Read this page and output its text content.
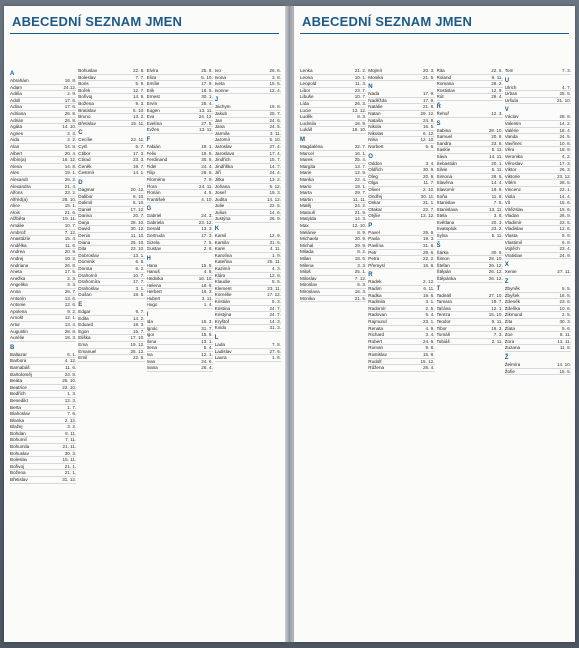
ABECEDNÍ SEZNAM JMEN
A
Abrahám	16. 8.
Adam	24.12.
Adéla	2. 9.
Adolf	17. 6.
Adina	17. 6.
Adriana	26. 8.
Adrián	26. 8.
Agáta	14. 10.
Agnes	2. 3.
Aida	2. 2.
Alan	14. 8.
Albert	20. 4.
Albín(a)	16. 12.
Alena	14. 8.
Ales	19. 1.
Alexandr	26. 2.
Alexandra	21. 4.
Alfons	23. 2.
Alfréd(a)	28. 10.
Alice	15. 1.
Alois	21. 6.
Alžběta	19. 11.
Amálie	10. 7.
Ambrož	7. 12.
Anastázie	15. 4.
Andělka	11. 6.
Andrea	20. 9.
Andrej	10. 2.
Andriana	26. 8.
Aneta	17. 5.
Anežka	2. 3.
Angelika	3. 3.
Anna	26. 7.
Antonín	13. 6.
Antonie	12. 6.
Apolena	9. 2.
Arnošt	12. 1.
Artur	13. 4.
Augustin	28. 8.
Aurélie	18. 3.
B
Baltazar	6. 1.
Barbora	4. 12.
Barnabáš	11. 6.
Bartoloměj	24. 8.
Beáta	25. 10.
Beatrice	22. 10.
Bedřich	1. 3.
Benedikt	12. 3.
Berta	1. 7.
Blahoslav	7. 6.
Blanka	2. 12.
Blažej	3. 2.
Bohdan	8. 11.
Bohumil	7. 11.
Bohumila	21. 11.
Bohuslav	30. 3.
Boleslav	15. 11.
Bořivoj	21. 1.
Božena	21. 1.
Břetislav	31. 12.
Bohuslav	22. 8.
Boleslav	7. 7.
Boris	5. 9.
Bořek	12. 7.
Bořivoj	14. 9.
Božena	9. 3.
Bratislav	5. 10.
Bruno	13. 2.
Břetislav	15. 11.
C
Cecílie	22. 11.
Cyril	5. 7.
Ctibor	17. 3.
Ctirad	23. 3.
Čeněk	19. 7.
Čestmír	14. 1.
D
Dagmar	20. 12.
Dalibor	8. 10.
Dalimil	5. 10.
Daniel	17. 12.
Darina	20. 7.
Darja	28. 10.
David	30. 12.
Denis	11. 10.
Diana	26. 10.
Dita	23. 10.
Dobroslav	13. 1.
Dominik	6. 8.
Dorota	6. 2.
Drahomír	10. 7.
Drahomíra	17. 7.
Drahoslav	3. 1.
Dušan	18. 5.
E
Edgar	9. 7.
Edita	14. 2.
Eduard	18. 3.
Egon	15. 7.
Eliška	17. 10.
Ema	19. 12.
Emanuel	25. 12.
Emil	22. 5.
Elvíra	25. 8.
Eliza	5. 10.
Emílie	17. 9.
Erik	18. 5.
Ernest	30. 1.
Ervín	25. 4.
Eugen	13. 11.
Eva	24. 12.
Evelína	27. 5.
Evžen	13. 11.
F
Fabián	19. 1.
Felix	18. 5.
Ferdinand	30. 5.
Fidel	24. 4.
Filip	26. 5.
Filoména	7. 9.
Flora	24. 11.
Florián	4. 5.
František	4. 10.
G
Gabriel	24. 3.
Gabriela	23. 12.
Gerald	13. 3.
Gertruda	17. 3.
Gizela	7. 5.
Gustav	2. 8.
H
Hana	15. 5.
Hanuš	4. 8.
Hedvika	16. 10.
Helena	18. 8.
Herbert	16. 3.
Hubert	3. 11.
Hugo	1. 4.
I
Ida	15. 3.
Ignác	31. 7.
Igor	15. 9.
Ilona	13. 1.
Irena	5. 4.
Iva	12. 1.
Ivan	24. 6.
Ivana	26. 4.
Ivo	26. 6.
Ivona	3. 8.
Iveta	15. 5.
Ivonne	12. 4.
J
Jáchym	16. 8.
Jakub	25. 7.
Jan	24. 6.
Jana	24. 5.
Jarmila	3. 11.
Jaromír	5. 10.
Jaroslav	27. 4.
Jaroslava	17. 4.
Jindřich	15. 7.
Jindřiška	14. 7.
Jiří	24. 4.
Jitka	13. 2.
Johana	5. 12.
Josef	19. 3.
Judita	14. 12.
Julie	22. 5.
Julius	14. 6.
Justýna	26. 9.
K
Kamil	12. 9.
Kamila	31. 5.
Karel	4. 11.
Karolína	1. 9.
Kateřina	25. 11.
Kazimír	4. 3.
Klára	12. 8.
Klaudie	5. 5.
Klement	23. 11.
Kornélie	17. 12.
Kristián	5. 3.
Kristina	24. 7.
Kristýna	24. 7.
Kryštof	14. 3.
Kvido	31. 3.
L
Lada	7. 8.
Ladislav	27. 6.
Laura	1. 6.
ABECEDNÍ SEZNAM JMEN
Lenka	21. 2.
Leona	10. 1.
Leopold	11. 3.
Libor	23. 7.
Libuše	10. 7.
Lída	26. 3.
Lucie	13. 12.
Luděk	8. 3.
Ludmila	16. 9.
Lukáš	18. 10.
M
Magdaléna	22. 7.
Marcel	16. 1.
Marek	25. 4.
Margita	13. 7.
Marie	12. 9.
Marika	22. 4.
Mario	19. 1.
Marta	29. 7.
Martin	11. 11.
Matěj	24. 2.
Matouš	21. 9.
Matylda	14. 3.
Max	12. 10.
Melánie	8. 9.
Michaela	20. 9.
Michal	29. 9.
Milada	8. 2.
Milan	18. 6.
Milena	3. 3.
Miloš	25. 1.
Miloslav	7. 12.
Miroslav	6. 3.
Miroslava	16. 3.
Monika	21. 5.
Mojmír	20. 3.
Monika	21. 5.
N
Nada	17. 9.
Naděžda	17. 9.
Natálie	21. 8.
Natan	29. 12.
Nataša	24. 8.
Nikola	16. 5.
Nikolas	6. 12.
Nina	12. 10.
Norbert	6. 6.
O
Oddon	3. 4.
Oldřich	30. 9.
Oleg	20. 9.
Olga	11. 7.
Oliver	2. 10.
Ondřej	30. 11.
Oskar	31. 1.
Otakar	22. 7.
Otýlie	13. 12.
P
Pavel	29. 6.
Pavla	19. 3.
Pavlína	31. 8.
Petr	29. 6.
Petra	22. 2.
Přemysl	16. 8.
R
Radek	2. 12.
Radim	6. 11.
Radka	19. 6.
Radmila	3. 1.
Radomír	2. 5.
Radovan	5. 4.
Rajmund	23. 1.
Renata	4. 9.
Richard	3. 4.
Robert	24. 6.
Roman	9. 8.
Rostislav	15. 8.
Rudolf	15. 12.
Růžena	28. 4.
Rita	22. 5.
Roland	9. 11.
Romana	28. 2.
Rostislav	12. 9.
Rút	29. 4.
Ř
Řehoř	12. 3.
S
Sabina	28. 10.
Samuel	20. 8.
Sandra	23. 8.
Saskie	5. 11.
Sáva	14. 11.
Sebastián	20. 1.
Silvie	5. 11.
Simona	28. 6.
Slavěna	14. 4.
Slavomír	18. 8.
Soňa	11. 8.
Stanislav	7. 5.
Stanislava	13. 11.
Stela	3. 6.
Světlana	20. 3.
Svatopluk	23. 2.
Sylva	5. 11.
Š
Šárka	30. 6.
Šimon	28. 10.
Štefan	26. 12.
Štěpán	26. 12.
Štěpánka	26. 12.
T
Tadeáš	27. 10.
Tamara	18. 7.
Taťána	12. 1.
Tereza	15. 10.
Teodor	9. 11.
Tibor	16. 3.
Tomáš	7. 3.
Tobiáš	2. 11.
Tom	7. 3.
U
Ulrich	4. 7.
Urban	25. 5.
Uršula	21. 10.
V
Václav	28. 9.
Valentin	14. 2.
Valérie	18. 4.
Vanda	24. 5.
Vavřinec	10. 8.
Věra	18. 9.
Veronika	4. 2.
Věroslav	17. 3.
Viktor	26. 3.
Viktorie	23. 12.
Vilém	28. 5.
Vincenc	22. 1.
Viola	14. 4.
Vít	15. 6.
Vítězslav	15. 6.
Vladan	26. 9.
Vladimír	23. 5.
Vladislav	12. 6.
Vlasta	5. 9.
Vlastimil	6. 8.
Vojtěch	23. 4.
Vratislav	24. 9.
X
Xenie	27. 11.
Z
Zbyněk	5. 5.
Zbyšek	16. 8.
Zdeněk	23. 6.
Zdeňka	10. 6.
Zikmund	2. 5.
Zita	30. 3.
Zlata	5. 6.
Zoe	8. 11.
Zora	13. 11.
Zuzana	11. 8.
Ž
Želmíra	14. 10.
Žofie	15. 5.
